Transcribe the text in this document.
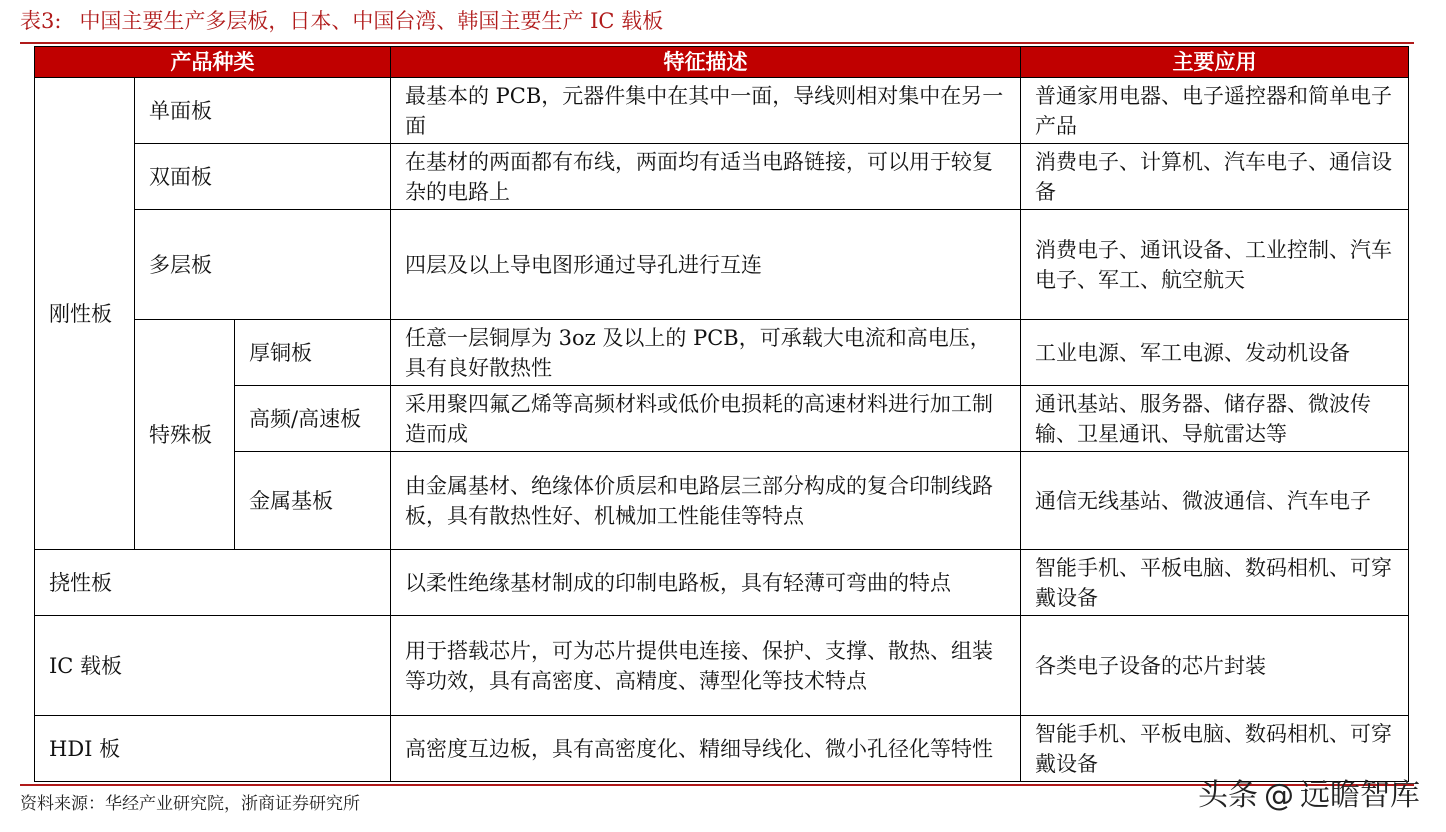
表3: 中国主要生产多层板，日本、中国台湾、韩国主要生产 IC 载板
产品种类			特征描述	主要应用
刚性板	单面板		最基本的 PCB，元器件集中在其中一面，导线则相对集中在另一面	普通家用电器、电子遥控器和简单电子产品
	双面板		在基材的两面都有布线，两面均有适当电路链接，可以用于较复杂的电路上	消费电子、计算机、汽车电子、通信设备
	多层板		四层及以上导电图形通过导孔进行互连	消费电子、通讯设备、工业控制、汽车电子、军工、航空航天
	特殊板	厚铜板	任意一层铜厚为 3oz 及以上的 PCB，可承载大电流和高电压，具有良好散热性	工业电源、军工电源、发动机设备
		高频/高速板	采用聚四氟乙烯等高频材料或低价电损耗的高速材料进行加工制造而成	通讯基站、服务器、储存器、微波传输、卫星通讯、导航雷达等
		金属基板	由金属基材、绝缘体价质层和电路层三部分构成的复合印制线路板，具有散热性好、机械加工性能佳等特点	通信无线基站、微波通信、汽车电子
挠性板			以柔性绝缘基材制成的印制电路板，具有轻薄可弯曲的特点	智能手机、平板电脑、数码相机、可穿戴设备
IC 载板			用于搭载芯片，可为芯片提供电连接、保护、支撑、散热、组装等功效，具有高密度、高精度、薄型化等技术特点	各类电子设备的芯片封装
HDI 板			高密度互边板，具有高密度化、精细导线化、微小孔径化等特性	智能手机、平板电脑、数码相机、可穿戴设备
资料来源：华经产业研究院，浙商证券研究所	头条 @ 远瞻智库
